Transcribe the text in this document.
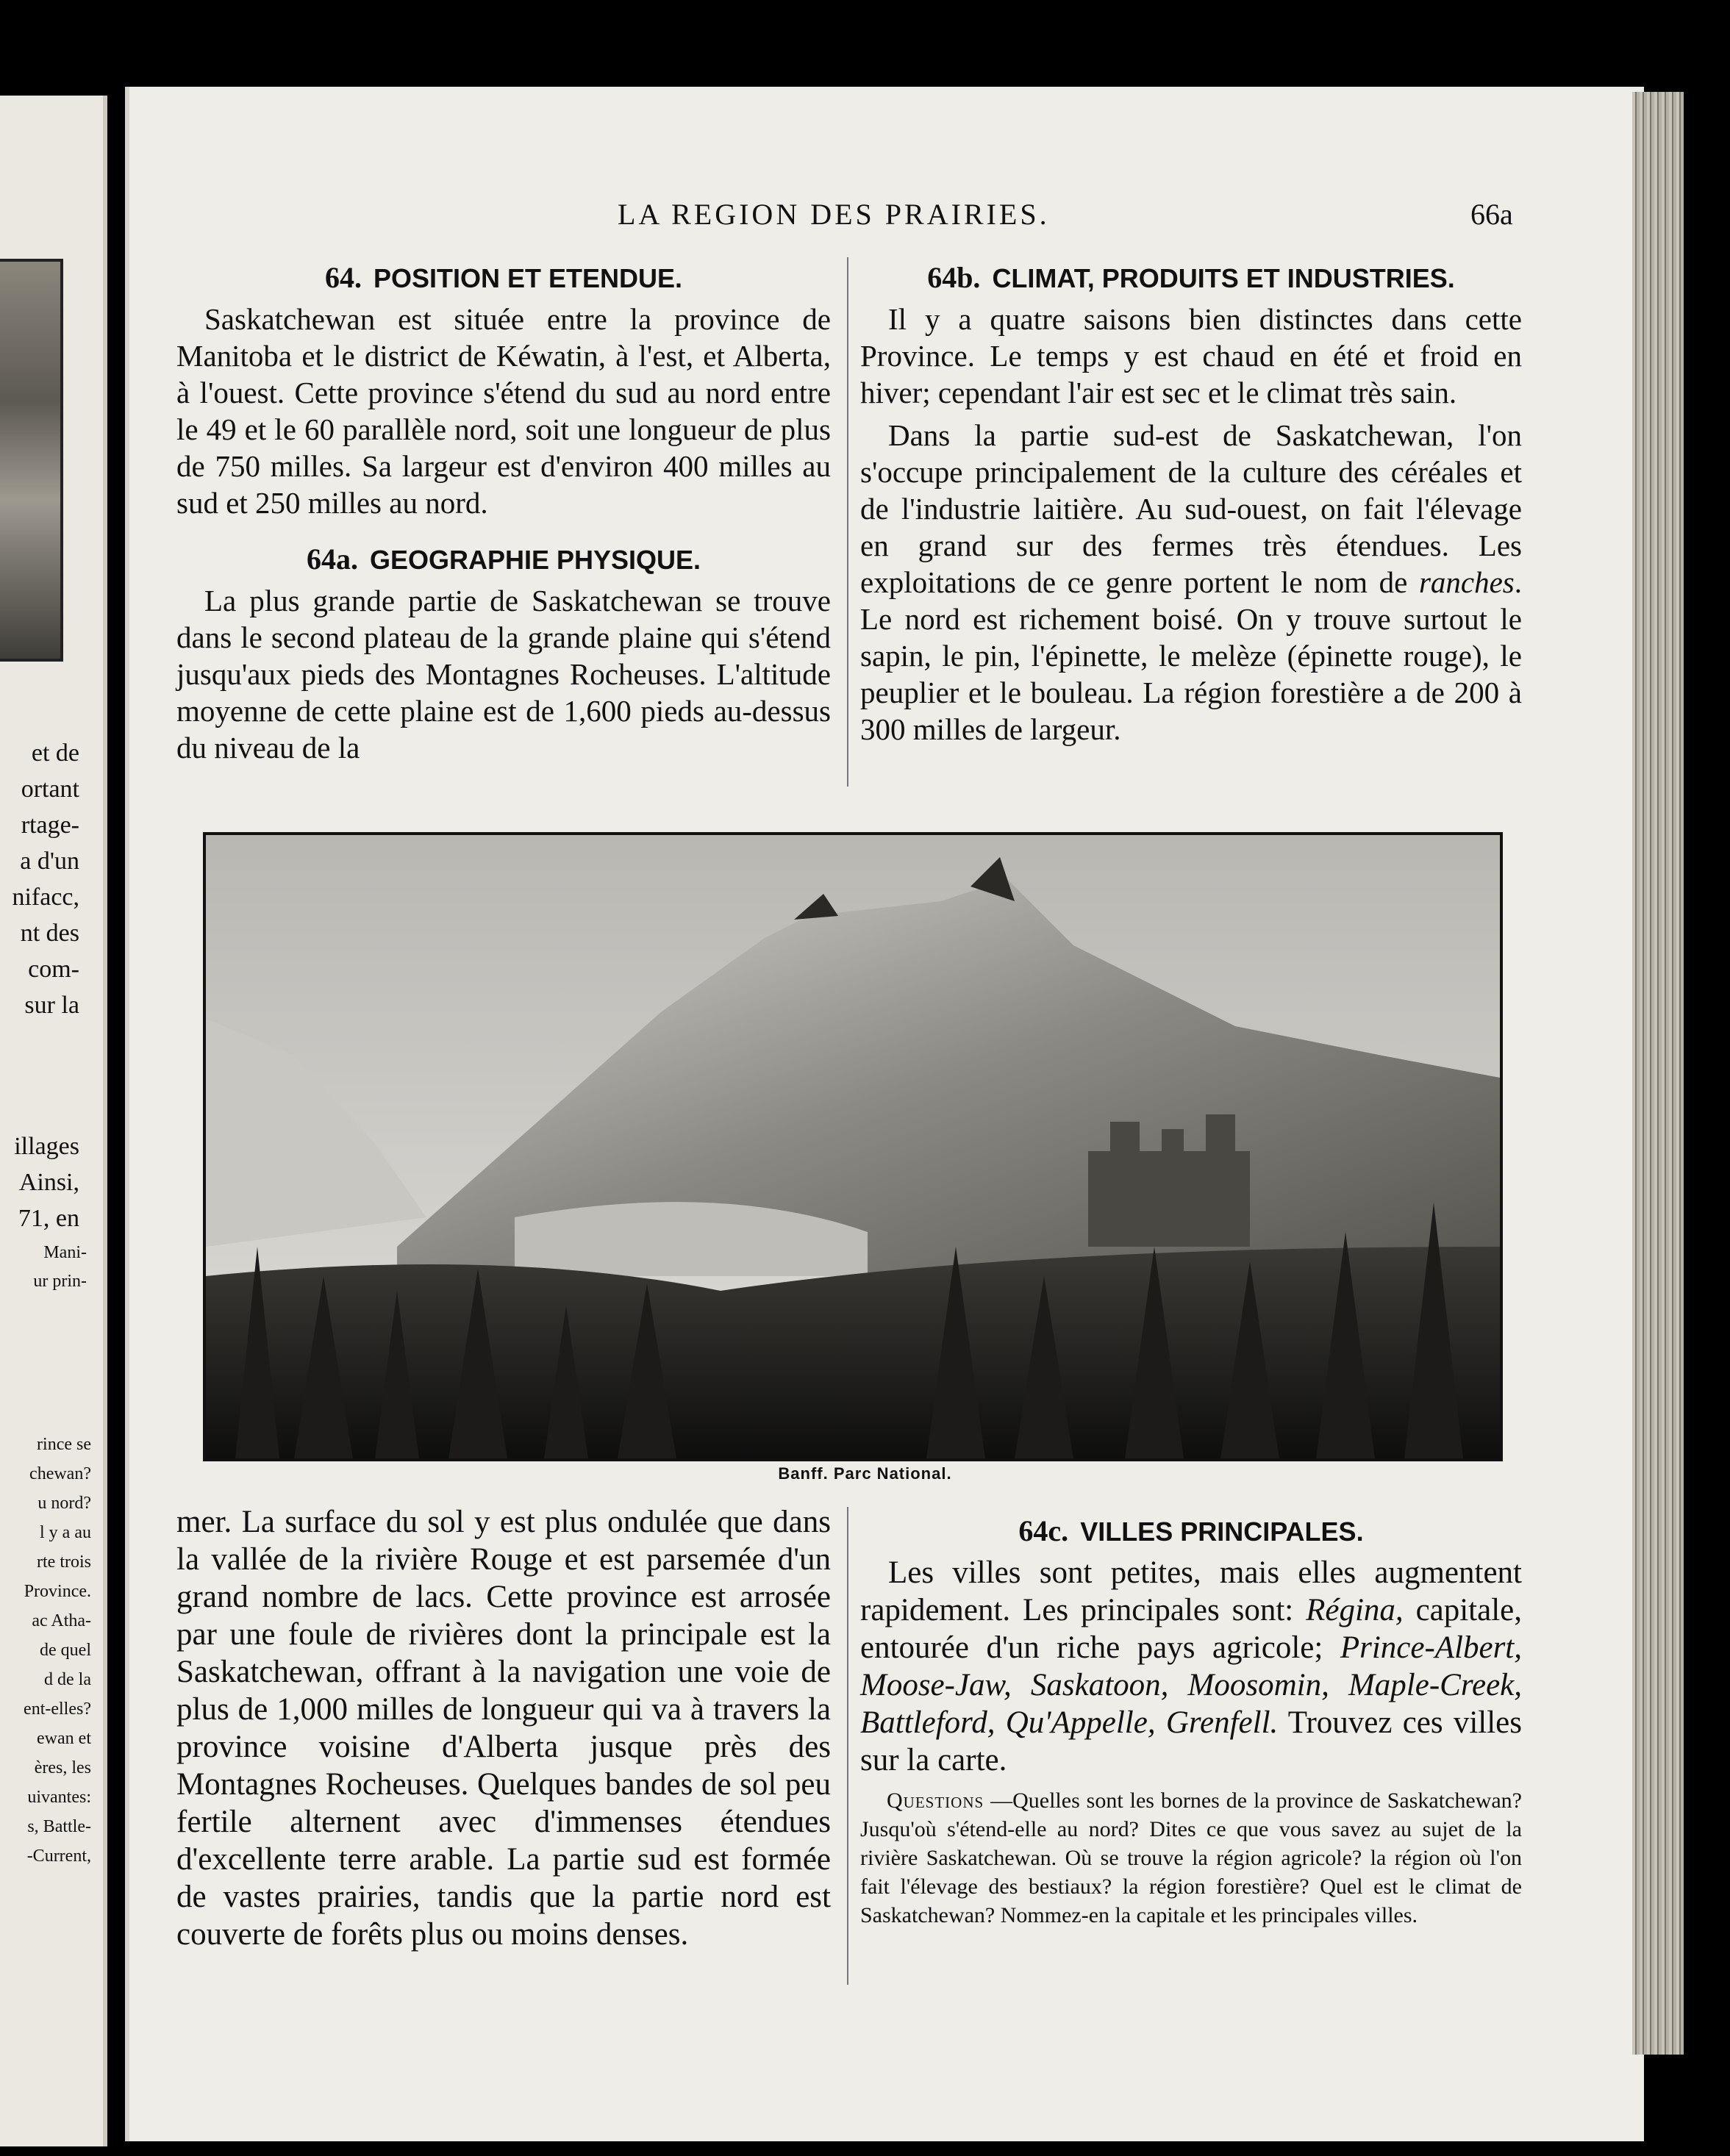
et de
ortant
rtage-
a d'un
nifacc,
nt des
com-
sur la
illages
Ainsi,
71, en
Mani-
ur prin-
rince se
chewan?
u nord?
l y a au
rte trois
Province.
ac Atha-
de quel
d de la
ent-elles?
ewan et
ères, les
uivantes:
s, Battle-
-Current,
LA REGION DES PRAIRIES.	66a
64. POSITION ET ETENDUE.

Saskatchewan est située entre la province de Manitoba et le district de Kéwatin, à l'est, et Alberta, à l'ouest. Cette province s'étend du sud au nord entre le 49 et le 60 parallèle nord, soit une longueur de plus de 750 milles. Sa largeur est d'environ 400 milles au sud et 250 milles au nord.

64a. GEOGRAPHIE PHYSIQUE.

La plus grande partie de Saskatchewan se trouve dans le second plateau de la grande plaine qui s'étend jusqu'aux pieds des Montagnes Rocheuses. L'altitude moyenne de cette plaine est de 1,600 pieds au-dessus du niveau de la

64b. CLIMAT, PRODUITS ET INDUSTRIES.

Il y a quatre saisons bien distinctes dans cette Province. Le temps y est chaud en été et froid en hiver; cependant l'air est sec et le climat très sain.

Dans la partie sud-est de Saskatchewan, l'on s'occupe principalement de la culture des céréales et de l'industrie laitière. Au sud-ouest, on fait l'élevage en grand sur des fermes très étendues. Les exploitations de ce genre portent le nom de ranches. Le nord est richement boisé. On y trouve surtout le sapin, le pin, l'épinette, le melèze (épinette rouge), le peuplier et le bouleau. La région forestière a de 200 à 300 milles de largeur.

Banff. Parc National.

mer. La surface du sol y est plus ondulée que dans la vallée de la rivière Rouge et est parsemée d'un grand nombre de lacs. Cette province est arrosée par une foule de rivières dont la principale est la Saskatchewan, offrant à la navigation une voie de plus de 1,000 milles de longueur qui va à travers la province voisine d'Alberta jusque près des Montagnes Rocheuses. Quelques bandes de sol peu fertile alternent avec d'immenses étendues d'excellente terre arable. La partie sud est formée de vastes prairies, tandis que la partie nord est couverte de forêts plus ou moins denses.

64c. VILLES PRINCIPALES.

Les villes sont petites, mais elles augmentent rapidement. Les principales sont: Régina, capitale, entourée d'un riche pays agricole; Prince-Albert, Moose-Jaw, Saskatoon, Moosomin, Maple-Creek, Battleford, Qu'Appelle, Grenfell. Trouvez ces villes sur la carte.

Questions —Quelles sont les bornes de la province de Saskatchewan? Jusqu'où s'étend-elle au nord? Dites ce que vous savez au sujet de la rivière Saskatchewan. Où se trouve la région agricole? la région où l'on fait l'élevage des bestiaux? la région forestière? Quel est le climat de Saskatchewan? Nommez-en la capitale et les principales villes.
